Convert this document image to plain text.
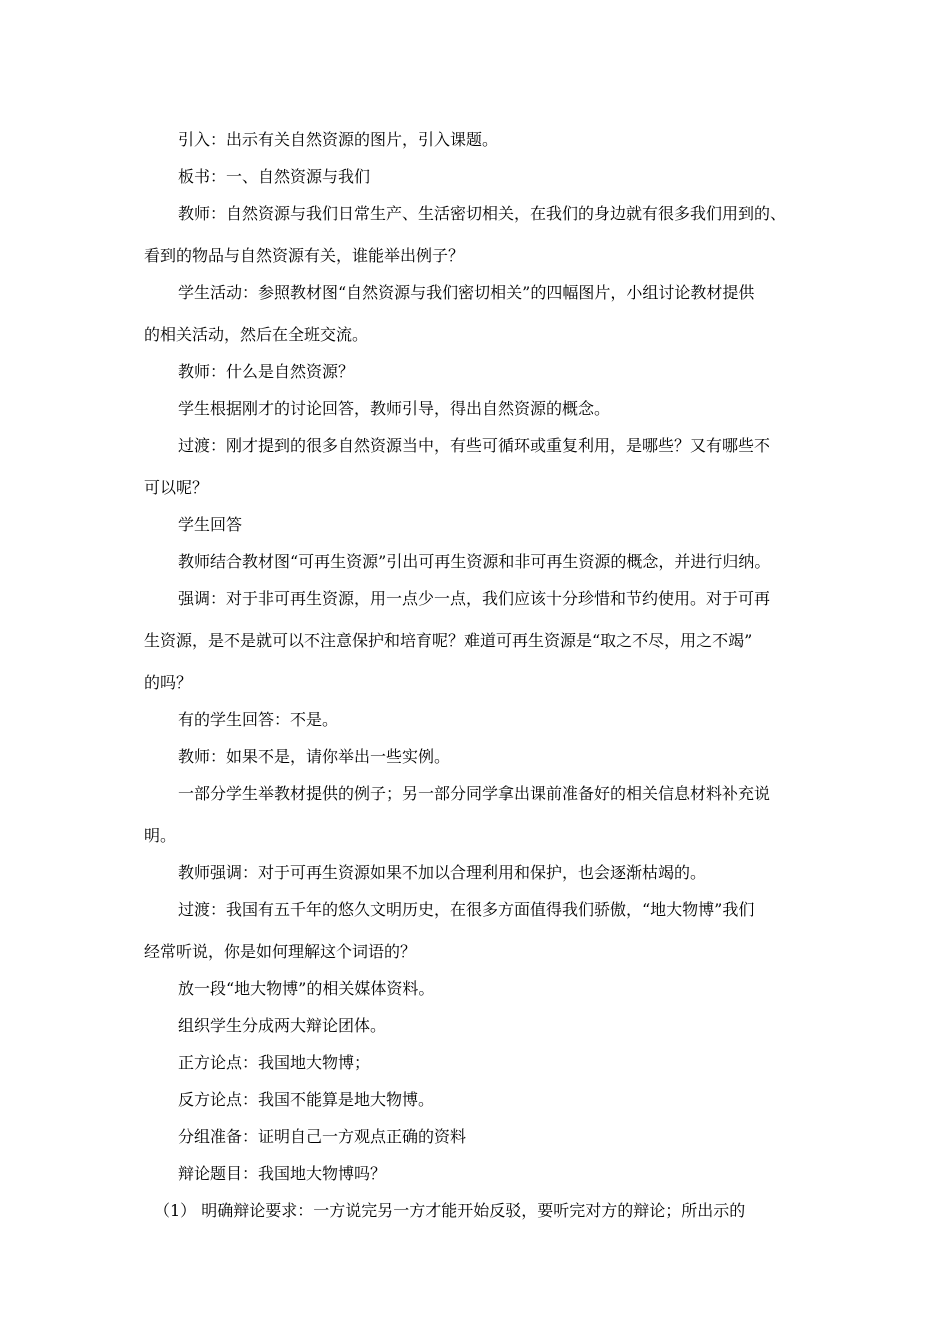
引入：出示有关自然资源的图片，引入课题。

板书：一、自然资源与我们

教师：自然资源与我们日常生产、生活密切相关，在我们的身边就有很多我们用到的、
看到的物品与自然资源有关，谁能举出例子？

学生活动：参照教材图“自然资源与我们密切相关”的四幅图片，小组讨论教材提供
的相关活动，然后在全班交流。

教师：什么是自然资源？

学生根据刚才的讨论回答，教师引导，得出自然资源的概念。

过渡：刚才提到的很多自然资源当中，有些可循环或重复利用，是哪些？又有哪些不
可以呢？

学生回答

教师结合教材图“可再生资源”引出可再生资源和非可再生资源的概念，并进行归纳。

强调：对于非可再生资源，用一点少一点，我们应该十分珍惜和节约使用。对于可再
生资源，是不是就可以不注意保护和培育呢？难道可再生资源是“取之不尽，用之不竭”
的吗？

有的学生回答：不是。

教师：如果不是，请你举出一些实例。

一部分学生举教材提供的例子；另一部分同学拿出课前准备好的相关信息材料补充说
明。

教师强调：对于可再生资源如果不加以合理利用和保护，也会逐渐枯竭的。

过渡：我国有五千年的悠久文明历史，在很多方面值得我们骄傲，“地大物博”我们
经常听说，你是如何理解这个词语的？

放一段“地大物博”的相关媒体资料。

组织学生分成两大辩论团体。

正方论点：我国地大物博；

反方论点：我国不能算是地大物博。

分组准备：证明自己一方观点正确的资料

辩论题目：我国地大物博吗？

（1） 明确辩论要求：一方说完另一方才能开始反驳，要听完对方的辩论；所出示的
